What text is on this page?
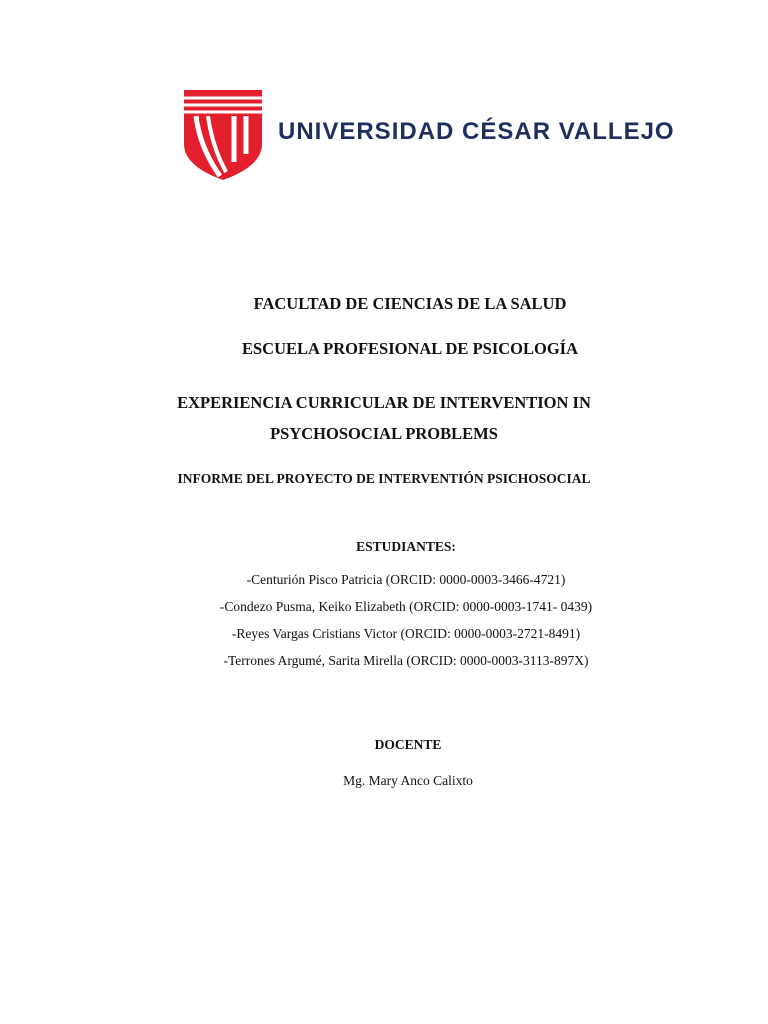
UNIVERSIDAD CÉSAR VALLEJO
FACULTAD DE CIENCIAS DE LA SALUD
ESCUELA PROFESIONAL DE PSICOLOGÍA
EXPERIENCIA CURRICULAR DE INTERVENTION IN
PSYCHOSOCIAL PROBLEMS
INFORME DEL PROYECTO DE INTERVENTIÓN PSICHOSOCIAL
ESTUDIANTES:
-Centurión Pisco Patricia (ORCID: 0000-0003-3466-4721)
-Condezo Pusma, Keiko Elizabeth (ORCID: 0000-0003-1741- 0439)
-Reyes Vargas Cristians Victor (ORCID: 0000-0003-2721-8491)
-Terrones Argumé, Sarita Mirella (ORCID: 0000-0003-3113-897X)
DOCENTE
Mg. Mary Anco Calixto
